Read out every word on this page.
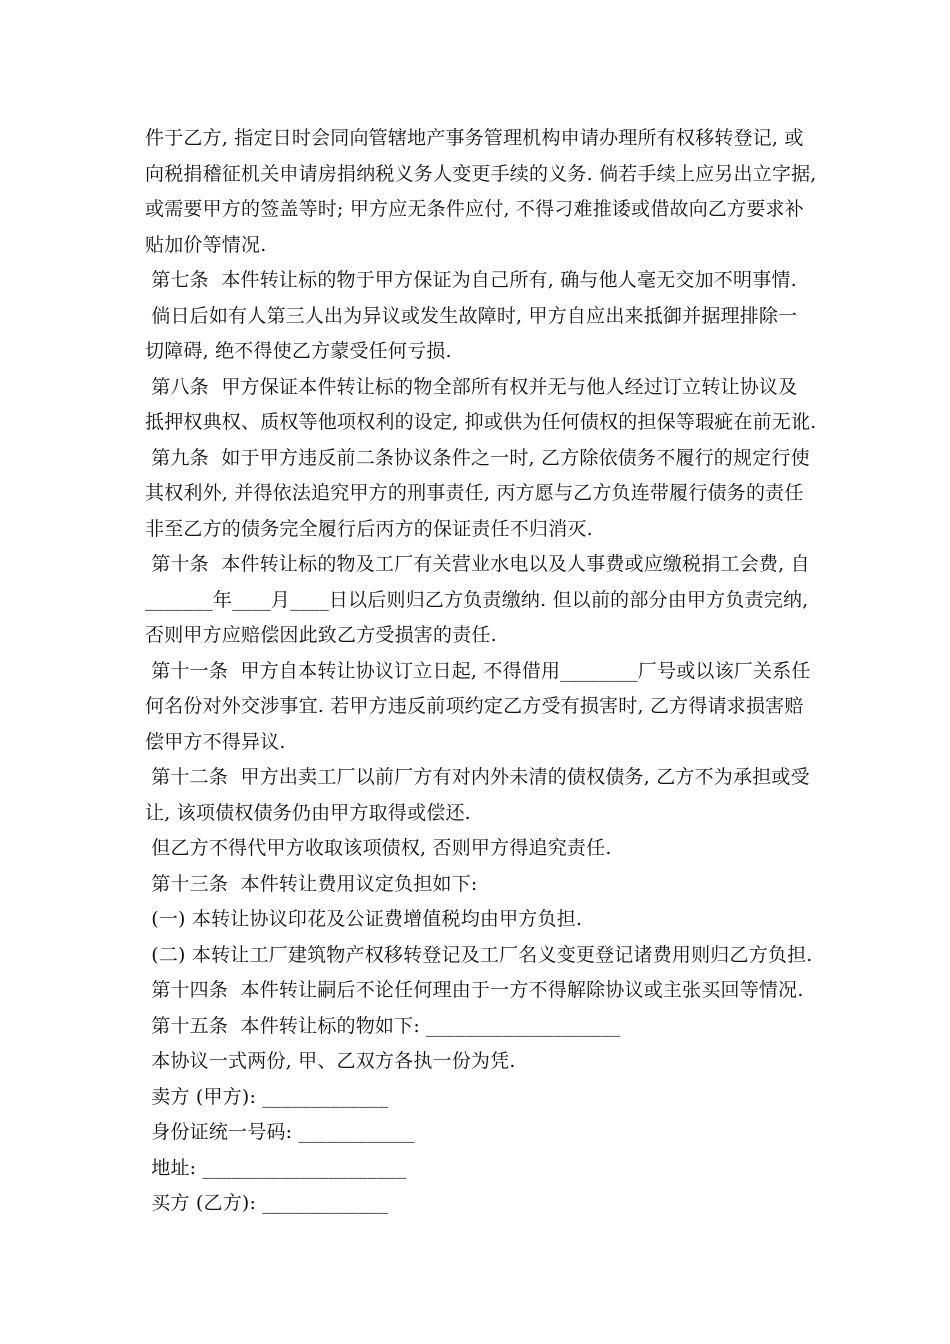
件于乙方, 指定日时会同向管辖地产事务管理机构申请办理所有权移转登记, 或
向税捐稽征机关申请房捐纳税义务人变更手续的义务. 倘若手续上应另出立字据,
或需要甲方的签盖等时; 甲方应无条件应付, 不得刁难推诿或借故向乙方要求补
贴加价等情况.
第七条  本件转让标的物于甲方保证为自己所有, 确与他人毫无交加不明事情.
倘日后如有人第三人出为异议或发生故障时, 甲方自应出来抵御并据理排除一
切障碍, 绝不得使乙方蒙受任何亏损.
第八条  甲方保证本件转让标的物全部所有权并无与他人经过订立转让协议及
抵押权典权、质权等他项权利的设定, 抑或供为任何债权的担保等瑕疵在前无讹.
第九条  如于甲方违反前二条协议条件之一时, 乙方除依债务不履行的规定行使
其权利外, 并得依法追究甲方的刑事责任, 丙方愿与乙方负连带履行债务的责任
非至乙方的债务完全履行后丙方的保证责任不归消灭.
第十条  本件转让标的物及工厂有关营业水电以及人事费或应缴税捐工会费, 自
_______年____月____日以后则归乙方负责缴纳. 但以前的部分由甲方负责完纳,
否则甲方应赔偿因此致乙方受损害的责任.
第十一条  甲方自本转让协议订立日起, 不得借用________厂号或以该厂关系任
何名份对外交涉事宜. 若甲方违反前项约定乙方受有损害时, 乙方得请求损害赔
偿甲方不得异议.
第十二条  甲方出卖工厂以前厂方有对内外未清的债权债务, 乙方不为承担或受
让, 该项债权债务仍由甲方取得或偿还.
但乙方不得代甲方收取该项债权, 否则甲方得追究责任.
第十三条  本件转让费用议定负担如下:
(一) 本转让协议印花及公证费增值税均由甲方负担.
(二) 本转让工厂建筑物产权移转登记及工厂名义变更登记诸费用则归乙方负担.
第十四条  本件转让嗣后不论任何理由于一方不得解除协议或主张买回等情况.
第十五条  本件转让标的物如下: ____________________
本协议一式两份, 甲、乙双方各执一份为凭.
卖方 (甲方): _____________
身份证统一号码: ____________
地址: _____________________
买方 (乙方): _____________
